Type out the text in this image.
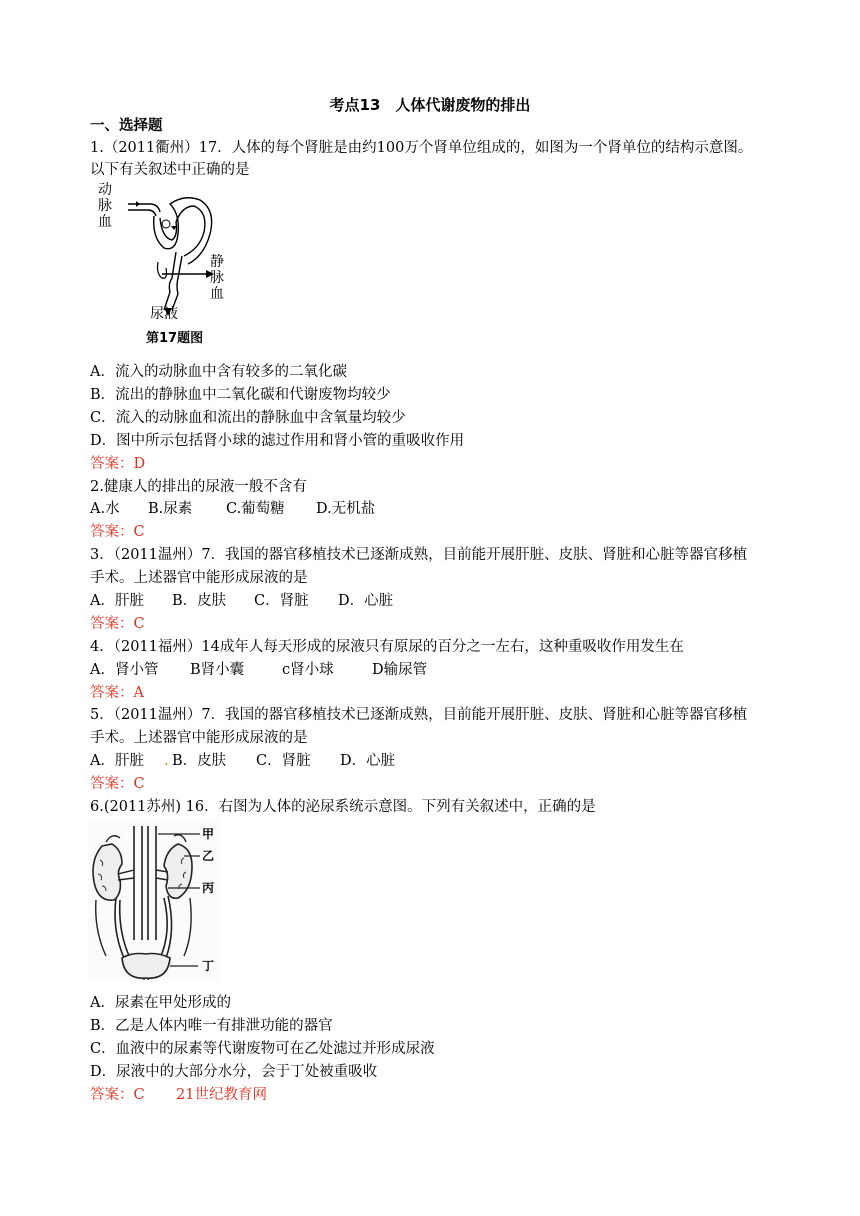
考点13　人体代谢废物的排出
一、选择题
1.（2011衢州）17．人体的每个肾脏是由约100万个肾单位组成的，如图为一个肾单位的结构示意图。
以下有关叙述中正确的是
动
脉
血
静
脉
血
尿液
第17题图
A．流入的动脉血中含有较多的二氧化碳
B．流出的静脉血中二氧化碳和代谢废物均较少
C．流入的动脉血和流出的静脉血中含氧量均较少
D．图中所示包括肾小球的滤过作用和肾小管的重吸收作用
答案：D
2.健康人的排出的尿液一般不含有
A.水 B.尿素 C.葡萄糖 D.无机盐
答案：C
3．（2011温州）7．我国的器官移植技术已逐渐成熟，目前能开展肝脏、皮肤、肾脏和心脏等器官移植
手术。上述器官中能形成尿液的是
A．肝脏 B．皮肤 C．肾脏 D．心脏
答案：C
4．（2011福州）14成年人每天形成的尿液只有原尿的百分之一左右，这种重吸收作用发生在
A．肾小管 B肾小囊	c肾小球	D输尿管
答案：A
5．（2011温州）7．我国的器官移植技术已逐渐成熟，目前能开展肝脏、皮肤、肾脏和心脏等器官移植
手术。上述器官中能形成尿液的是
A．肝脏 . B．皮肤 C．肾脏 D．心脏
答案：C
6.(2011苏州) 16．右图为人体的泌尿系统示意图。下列有关叙述中，正确的是
甲
乙
丙
丁
A．尿素在甲处形成的
B．乙是人体内唯一有排泄功能的器官
C．血液中的尿素等代谢废物可在乙处滤过并形成尿液
D．尿液中的大部分水分，会于丁处被重吸收
答案：C 21世纪教育网
